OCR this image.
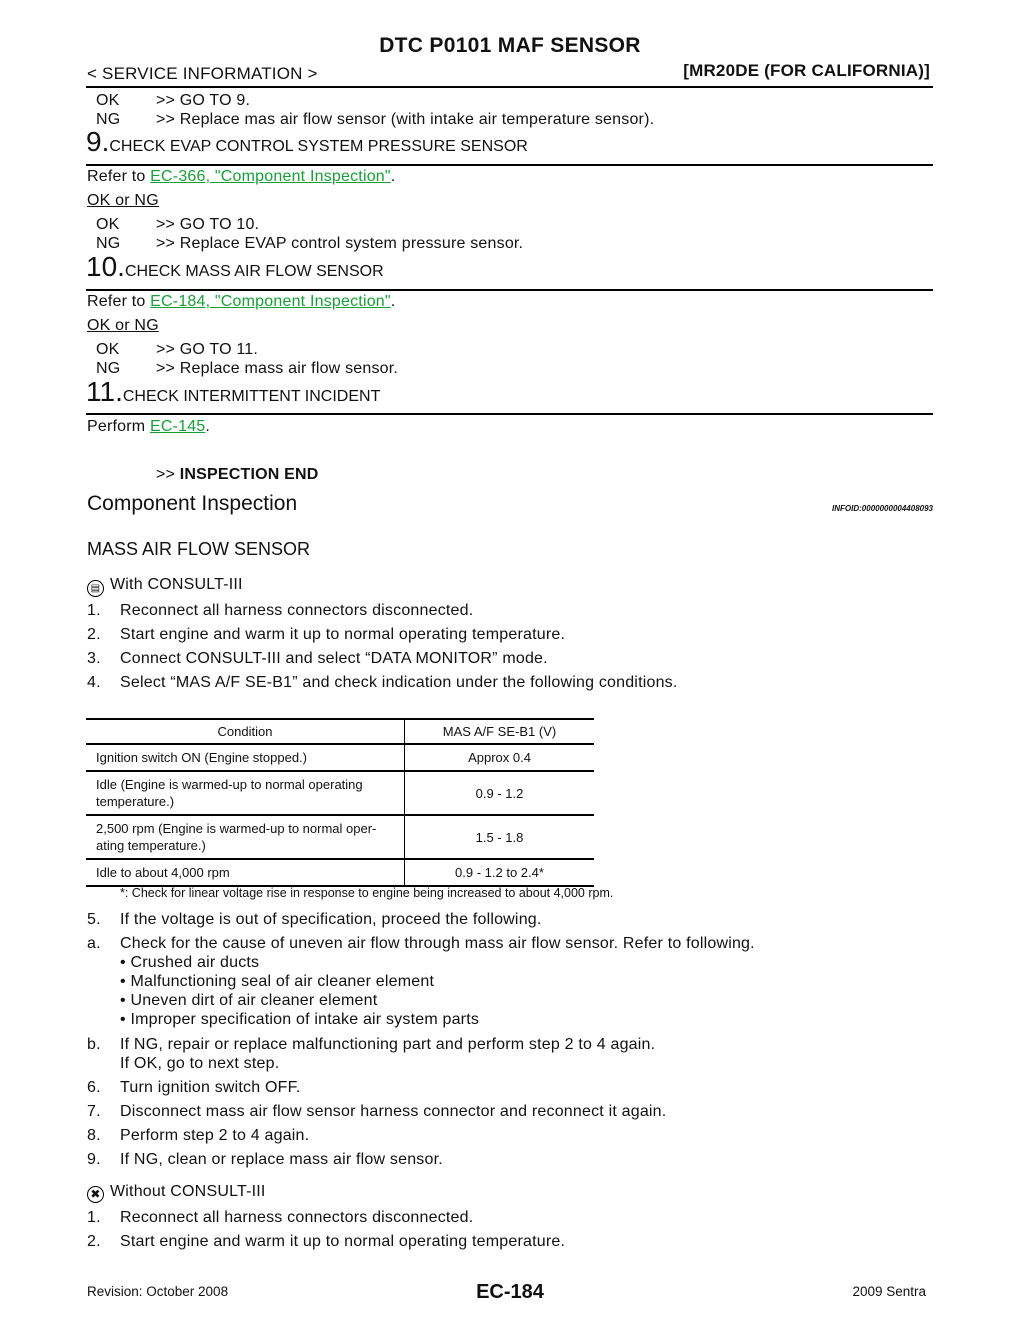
DTC P0101 MAF SENSOR
< SERVICE INFORMATION >	[MR20DE (FOR CALIFORNIA)]
OK >> GO TO 9.
NG >> Replace mas air flow sensor (with intake air temperature sensor).
9.CHECK EVAP CONTROL SYSTEM PRESSURE SENSOR
Refer to EC-366, "Component Inspection".
OK or NG
OK >> GO TO 10.
NG >> Replace EVAP control system pressure sensor.
10.CHECK MASS AIR FLOW SENSOR
Refer to EC-184, "Component Inspection".
OK or NG
OK >> GO TO 11.
NG >> Replace mass air flow sensor.
11.CHECK INTERMITTENT INCIDENT
Perform EC-145.
>> INSPECTION END
Component Inspection	INFOID:0000000004408093
MASS AIR FLOW SENSOR
▤ With CONSULT-III
1. Reconnect all harness connectors disconnected.
2. Start engine and warm it up to normal operating temperature.
3. Connect CONSULT-III and select “DATA MONITOR” mode.
4. Select “MAS A/F SE-B1” and check indication under the following conditions.
Condition	MAS A/F SE-B1 (V)
Ignition switch ON (Engine stopped.)	Approx 0.4
Idle (Engine is warmed-up to normal operating temperature.)	0.9 - 1.2
2,500 rpm (Engine is warmed-up to normal oper-ating temperature.)	1.5 - 1.8
Idle to about 4,000 rpm	0.9 - 1.2 to 2.4*
*: Check for linear voltage rise in response to engine being increased to about 4,000 rpm.
5. If the voltage is out of specification, proceed the following.
a. Check for the cause of uneven air flow through mass air flow sensor. Refer to following.
• Crushed air ducts
• Malfunctioning seal of air cleaner element
• Uneven dirt of air cleaner element
• Improper specification of intake air system parts
b. If NG, repair or replace malfunctioning part and perform step 2 to 4 again.
If OK, go to next step.
6. Turn ignition switch OFF.
7. Disconnect mass air flow sensor harness connector and reconnect it again.
8. Perform step 2 to 4 again.
9. If NG, clean or replace mass air flow sensor.
✖ Without CONSULT-III
1. Reconnect all harness connectors disconnected.
2. Start engine and warm it up to normal operating temperature.
Revision: October 2008	EC-184	2009 Sentra
